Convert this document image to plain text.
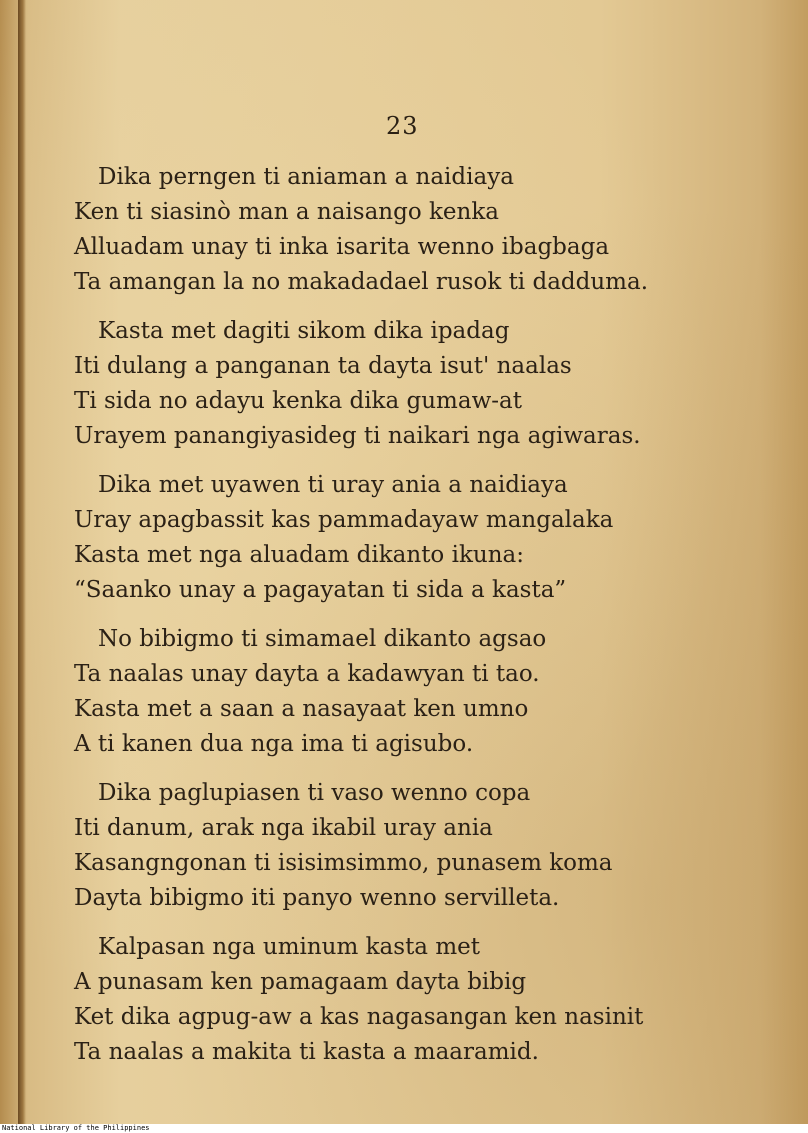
23
Dika perngen ti aniaman a naidiaya
Ken ti siasinò man a naisango kenka
Alluadam unay ti inka isarita wenno ibagbaga
Ta amangan la no makadadael rusok ti dadduma.
Kasta met dagiti sikom dika ipadag
Iti dulang a panganan ta dayta isut' naalas
Ti sida no adayu kenka dika gumaw-at
Urayem panangiyasideg ti naikari nga agiwaras.
Dika met uyawen ti uray ania a naidiaya
Uray apagbassit kas pammadayaw mangalaka
Kasta met nga aluadam dikanto ikuna:
“Saanko unay a pagayatan ti sida a kasta”
No bibigmo ti simamael dikanto agsao
Ta naalas unay dayta a kadawyan ti tao.
Kasta met a saan a nasayaat ken umno
A ti kanen dua nga ima ti agisubo.
Dika paglupiasen ti vaso wenno copa
Iti danum, arak nga ikabil uray ania
Kasangngonan ti isisimsimmo, punasem koma
Dayta bibigmo iti panyo wenno servilleta.
Kalpasan nga uminum kasta met
A punasam ken pamagaam dayta bibig
Ket dika agpug-aw a kas nagasangan ken nasinit
Ta naalas a makita ti kasta a maaramid.
National Library of the Philippines
